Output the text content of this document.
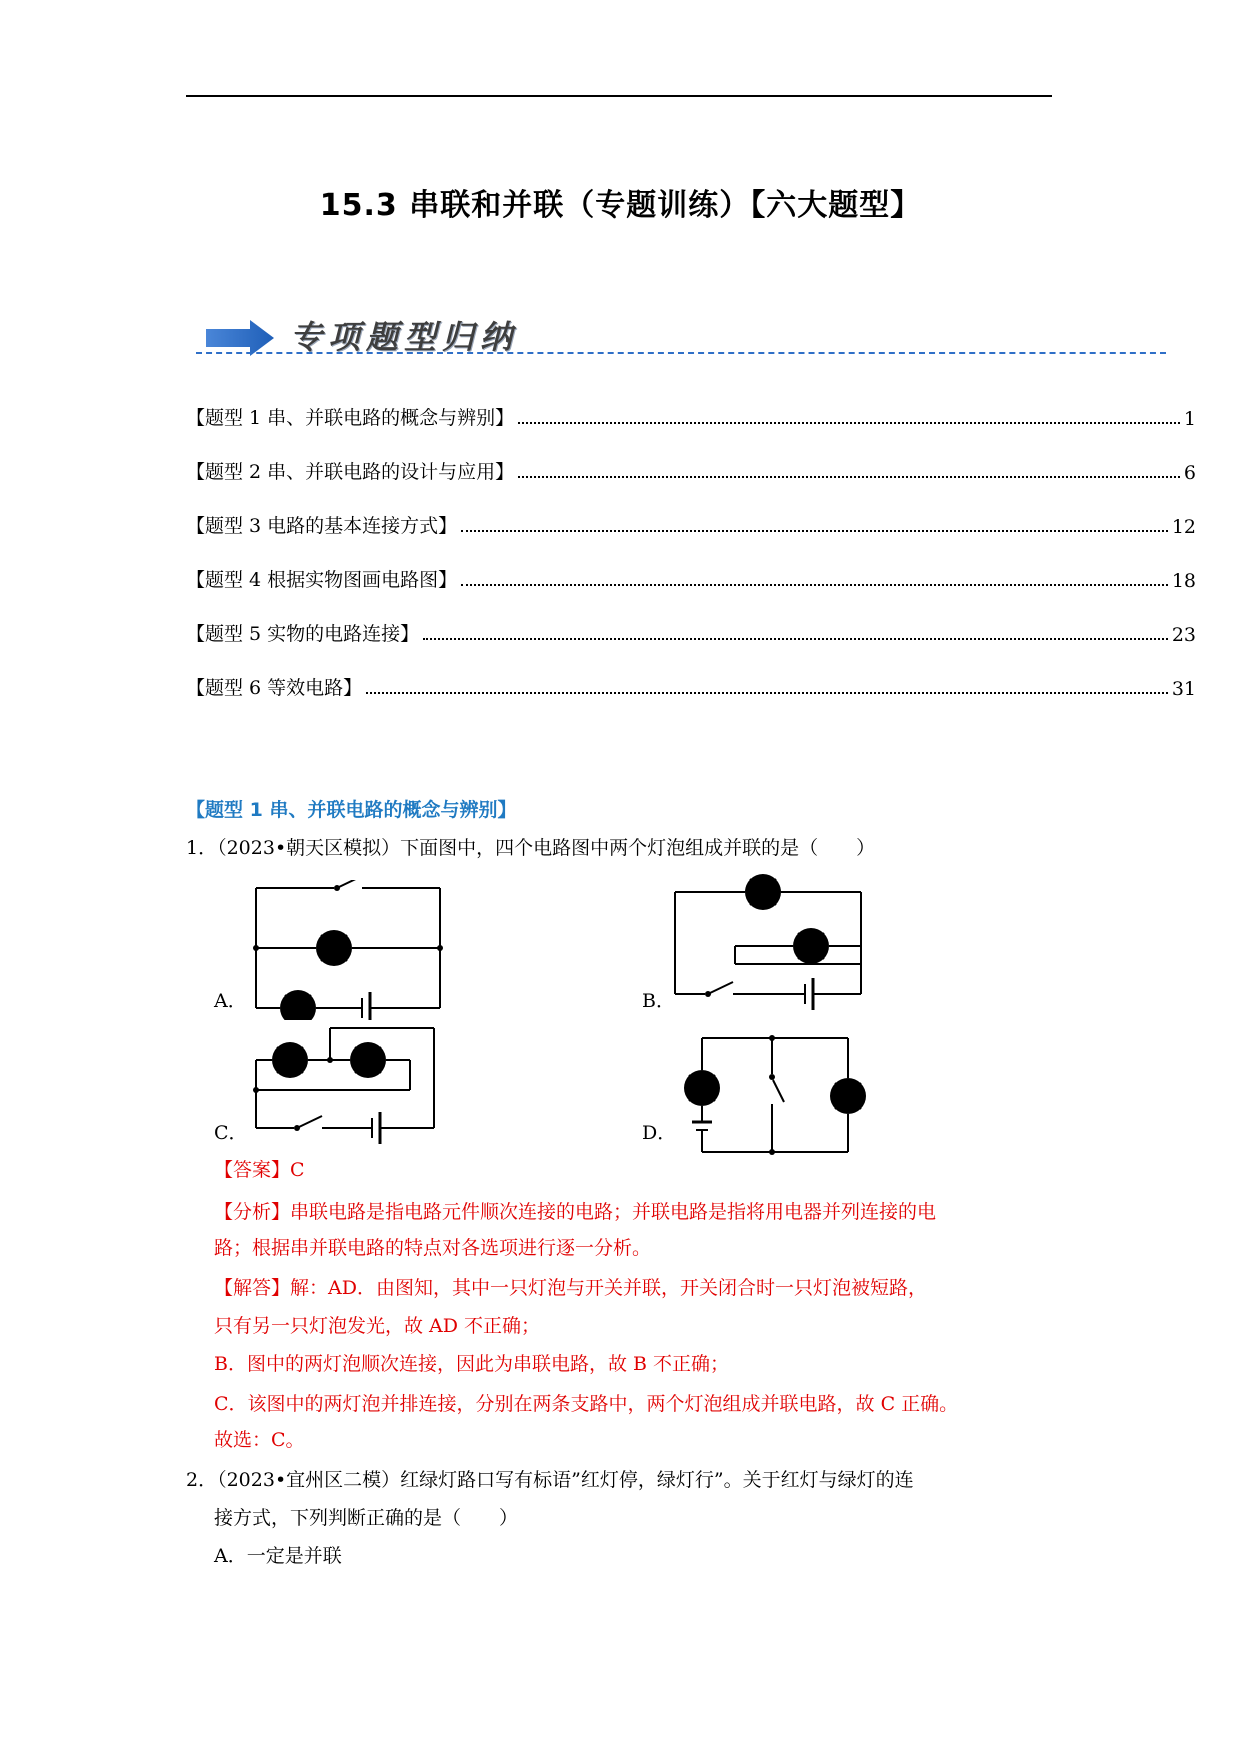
15.3 串联和并联（专题训练）【六大题型】
专项题型归纳
【题型 1 串、并联电路的概念与辨别】	1
【题型 2 串、并联电路的设计与应用】	6
【题型 3 电路的基本连接方式】	12
【题型 4 根据实物图画电路图】	18
【题型 5 实物的电路连接】	23
【题型 6 等效电路】	31
【题型 1 串、并联电路的概念与辨别】
1．（2023•朝天区模拟）下面图中，四个电路图中两个灯泡组成并联的是（　　）
A．	B．
C．	D．
【答案】C
【分析】串联电路是指电路元件顺次连接的电路；并联电路是指将用电器并列连接的电
路；根据串并联电路的特点对各选项进行逐一分析。
【解答】解：AD．由图知，其中一只灯泡与开关并联，开关闭合时一只灯泡被短路，
只有另一只灯泡发光，故 AD 不正确；
B．图中的两灯泡顺次连接，因此为串联电路，故 B 不正确；
C．该图中的两灯泡并排连接，分别在两条支路中，两个灯泡组成并联电路，故 C 正确。
故选：C。
2．（2023•宜州区二模）红绿灯路口写有标语”红灯停，绿灯行”。关于红灯与绿灯的连
接方式，下列判断正确的是（　　）
A．一定是并联
